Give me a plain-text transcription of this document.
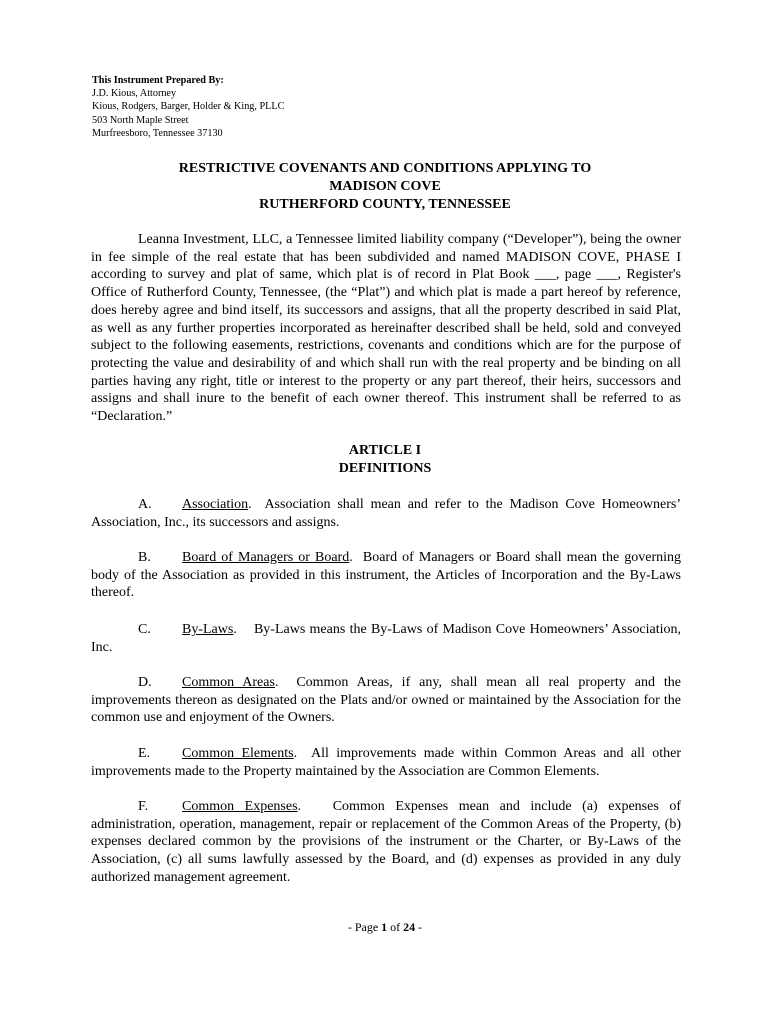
This Instrument Prepared By:
J.D. Kious, Attorney
Kious, Rodgers, Barger, Holder & King, PLLC
503 North Maple Street
Murfreesboro, Tennessee 37130
RESTRICTIVE COVENANTS AND CONDITIONS APPLYING TO
MADISON COVE
RUTHERFORD COUNTY, TENNESSEE
Leanna Investment, LLC, a Tennessee limited liability company (“Developer”), being the owner in fee simple of the real estate that has been subdivided and named MADISON COVE, PHASE I according to survey and plat of same, which plat is of record in Plat Book ___, page ___, Register's Office of Rutherford County, Tennessee, (the “Plat”) and which plat is made a part hereof by reference, does hereby agree and bind itself, its successors and assigns, that all the property described in said Plat, as well as any further properties incorporated as hereinafter described shall be held, sold and conveyed subject to the following easements, restrictions, covenants and conditions which are for the purpose of protecting the value and desirability of and which shall run with the real property and be binding on all parties having any right, title or interest to the property or any part thereof, their heirs, successors and assigns and shall inure to the benefit of each owner thereof. This instrument shall be referred to as “Declaration.”
ARTICLE I
DEFINITIONS
A. Association.  Association shall mean and refer to the Madison Cove Homeowners’ Association, Inc., its successors and assigns.
B. Board of Managers or Board.  Board of Managers or Board shall mean the governing body of the Association as provided in this instrument, the Articles of Incorporation and the By-Laws thereof.
C. By-Laws.    By-Laws means the By-Laws of Madison Cove Homeowners’ Association, Inc.
D. Common Areas.  Common Areas, if any, shall mean all real property and the improvements thereon as designated on the Plats and/or owned or maintained by the Association for the common use and enjoyment of the Owners.
E. Common Elements.  All improvements made within Common Areas and all other improvements made to the Property maintained by the Association are Common Elements.
F. Common Expenses.   Common Expenses mean and include (a) expenses of administration, operation, management, repair or replacement of the Common Areas of the Property, (b) expenses declared common by the provisions of the instrument or the Charter, or By-Laws of the Association, (c) all sums lawfully assessed by the Board, and (d) expenses as provided in any duly authorized management agreement.
- Page 1 of 24 -
